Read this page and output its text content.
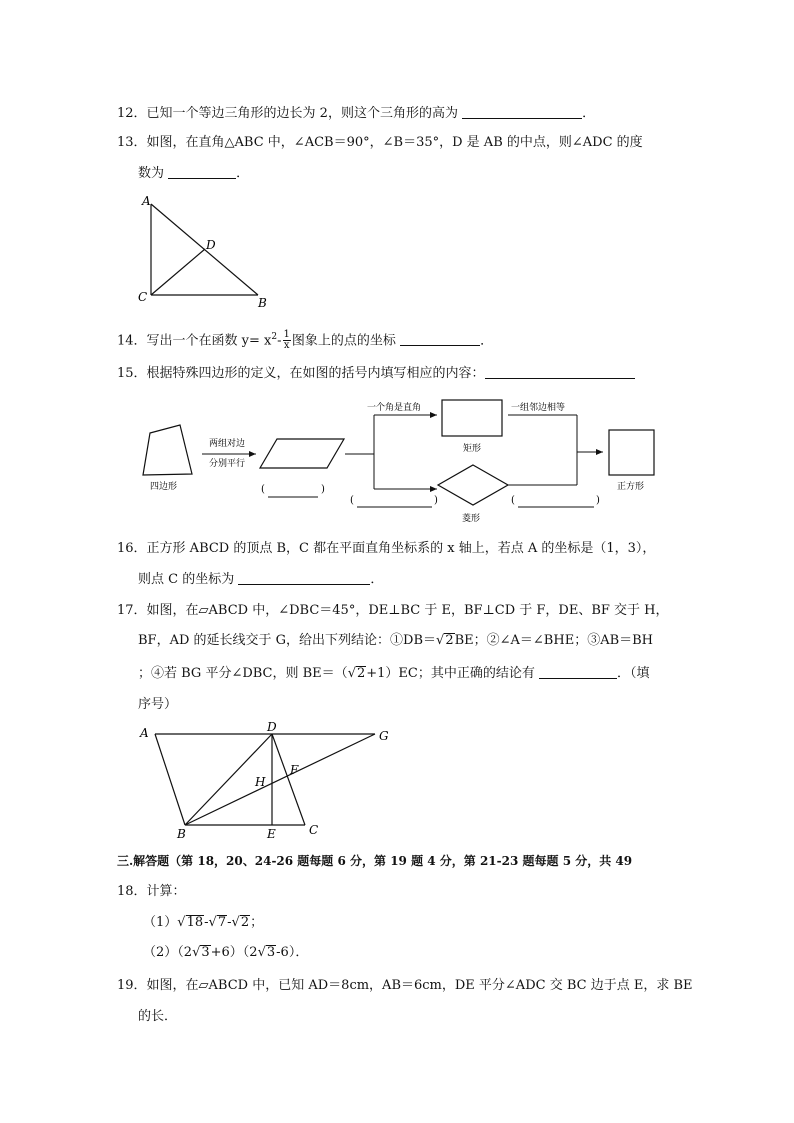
12．已知一个等边三角形的边长为 2，则这个三角形的高为	．
13．如图，在直角△ABC 中，∠ACB＝90°，∠B＝35°，D 是 AB 的中点，则∠ADC 的度
数为	．
A
D
C	B
14．写出一个在函数 $y= x^2- \frac{1}{x}$ 图象上的点的坐标	．
15．根据特殊四边形的定义，在如图的括号内填写相应的内容：
四边形
两组对边
分别平行
(	)
一个角是直角
矩形
菱形
(	)
一组邻边相等
(	)
正方形
16．正方形 ABCD 的顶点 B，C 都在平面直角坐标系的 x 轴上，若点 A 的坐标是（1，3），
则点 C 的坐标为	．
17．如图，在▱ABCD 中，∠DBC＝45°，DE⊥BC 于 E，BF⊥CD 于 F，DE、BF 交于 H，
BF，AD 的延长线交于 G，给出下列结论：①DB＝√2BE；②∠A＝∠BHE；③AB＝BH
；④若 BG 平分∠DBC，则 BE＝（√2+1）EC；其中正确的结论有	．（填
序号）
A	D
G
H
F
B	E	C
三.解答题（第 18，20、24-26 题每题 6 分，第 19 题 4 分，第 21-23 题每题 5 分，共 49
18．计算：
（1）√18-√7-√2；
（2）（2√3+6）（2√3-6）．
19．如图，在▱ABCD 中，已知 AD＝8cm，AB＝6cm，DE 平分∠ADC 交 BC 边于点 E，求 BE
的长．
